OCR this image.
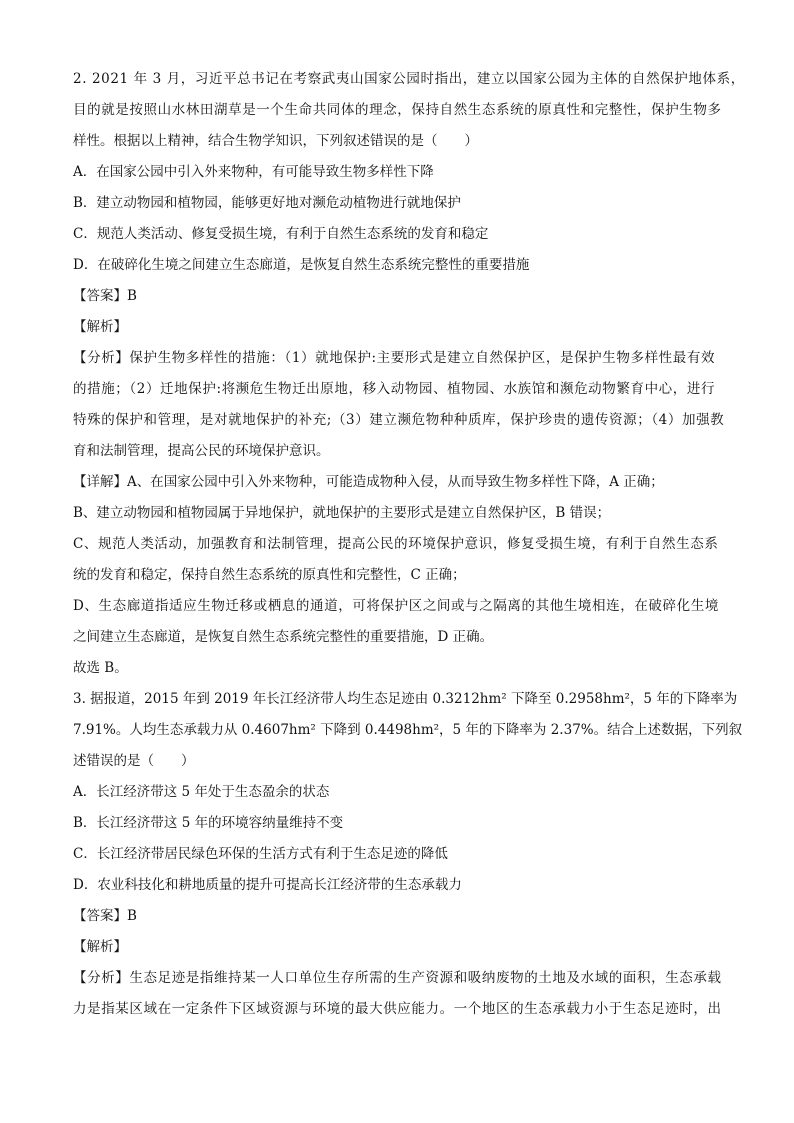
2. 2021 年 3 月，习近平总书记在考察武夷山国家公园时指出，建立以国家公园为主体的自然保护地体系，
目的就是按照山水林田湖草是一个生命共同体的理念，保持自然生态系统的原真性和完整性，保护生物多
样性。根据以上精神，结合生物学知识，下列叙述错误的是（　　）
A．在国家公园中引入外来物种，有可能导致生物多样性下降
B．建立动物园和植物园，能够更好地对濒危动植物进行就地保护
C．规范人类活动、修复受损生境，有利于自然生态系统的发育和稳定
D．在破碎化生境之间建立生态廊道，是恢复自然生态系统完整性的重要措施
【答案】B
【解析】
【分析】保护生物多样性的措施：（1）就地保护:主要形式是建立自然保护区，是保护生物多样性最有效
的措施；（2）迁地保护:将濒危生物迁出原地，移入动物园、植物园、水族馆和濒危动物繁育中心，进行
特殊的保护和管理，是对就地保护的补充;（3）建立濒危物种种质库，保护珍贵的遗传资源；（4）加强教
育和法制管理，提高公民的环境保护意识。
【详解】A、在国家公园中引入外来物种，可能造成物种入侵，从而导致生物多样性下降，A 正确；
B、建立动物园和植物园属于异地保护，就地保护的主要形式是建立自然保护区，B 错误；
C、规范人类活动，加强教育和法制管理，提高公民的环境保护意识，修复受损生境，有利于自然生态系
统的发育和稳定，保持自然生态系统的原真性和完整性，C 正确；
D、生态廊道指适应生物迁移或栖息的通道，可将保护区之间或与之隔离的其他生境相连，在破碎化生境
之间建立生态廊道，是恢复自然生态系统完整性的重要措施，D 正确。
故选 B。
3. 据报道，2015 年到 2019 年长江经济带人均生态足迹由 0.3212hm² 下降至 0.2958hm²，5 年的下降率为
7.91%。人均生态承载力从 0.4607hm² 下降到 0.4498hm²，5 年的下降率为 2.37%。结合上述数据，下列叙
述错误的是（　　）
A．长江经济带这 5 年处于生态盈余的状态
B．长江经济带这 5 年的环境容纳量维持不变
C．长江经济带居民绿色环保的生活方式有利于生态足迹的降低
D．农业科技化和耕地质量的提升可提高长江经济带的生态承载力
【答案】B
【解析】
【分析】生态足迹是指维持某一人口单位生存所需的生产资源和吸纳废物的土地及水域的面积，生态承载
力是指某区域在一定条件下区域资源与环境的最大供应能力。一个地区的生态承载力小于生态足迹时，出
